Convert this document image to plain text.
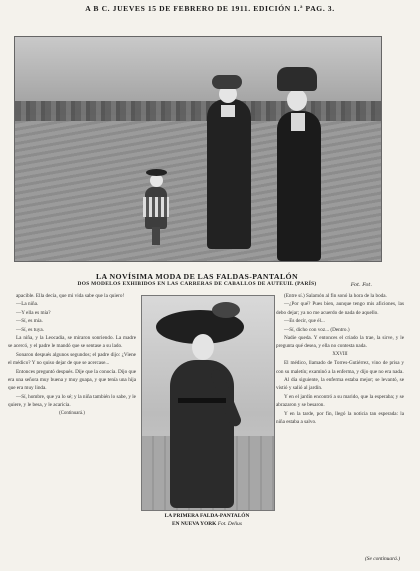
A B C. JUEVES 15 DE FEBRERO DE 1911. EDICIÓN 1.ª PAG. 3.
LA NOVÍSIMA MODA DE LAS FALDAS-PANTALÓN
DOS MODELOS EXHIBIDOS EN LAS CARRERAS DE CABALLOS DE AUTEUIL (PARÍS)	Fot. Fot.

apacible. Ella decía, que mi vida sabe que la quiero!

—La niña.

—Y ella es mía?

—Sí, es mía.

—Sí, es tuya.

La niña, y la Leocadia, se miraron sonriendo. La madre se acercó, y el padre le mandó que se sentase a su lado.

Sonaron después algunos segundos; el padre dijo: ¿Viene el médico? Y no quiso dejar de que se acercase...

Entonces preguntó después. Dije que la conocía. Dijo que era una señora muy buena y muy guapa, y que tenía una hija que era muy linda.

—Sí, hombre, que ya lo sé; y la niña también lo sabe, y le quiere, y le besa, y le acaricia.

(Continuará.)

LA PRIMERA FALDA-PANTALÓN
EN NUEVA YORK Fot. Delius

(Entre sí.) Salamón al fin sonó la hora de la boda.

—¿Por qué? Pues bien, aunque tengo mis aficiones, las debo dejar; ya no me acuerdo de nada de aquello.

—Es decir, que él...

—Sí, dicho con voz... (Dentro.)

Nadie queda. Y entonces el criado la trae, la sirve, y le pregunta qué desea, y ella no contesta nada.

XXVIII

El médico, llamado de Torres-Gutiérrez, vino de prisa y con su maletín; examinó a la enferma, y dijo que no era nada.

Al día siguiente, la enferma estaba mejor; se levantó, se vistió y salió al jardín.

Y en el jardín encontró a su marido, que la esperaba; y se abrazaron y se besaron.

Y en la tarde, por fin, llegó la noticia tan esperada: la niña estaba a salvo.

(Se continuará.)
